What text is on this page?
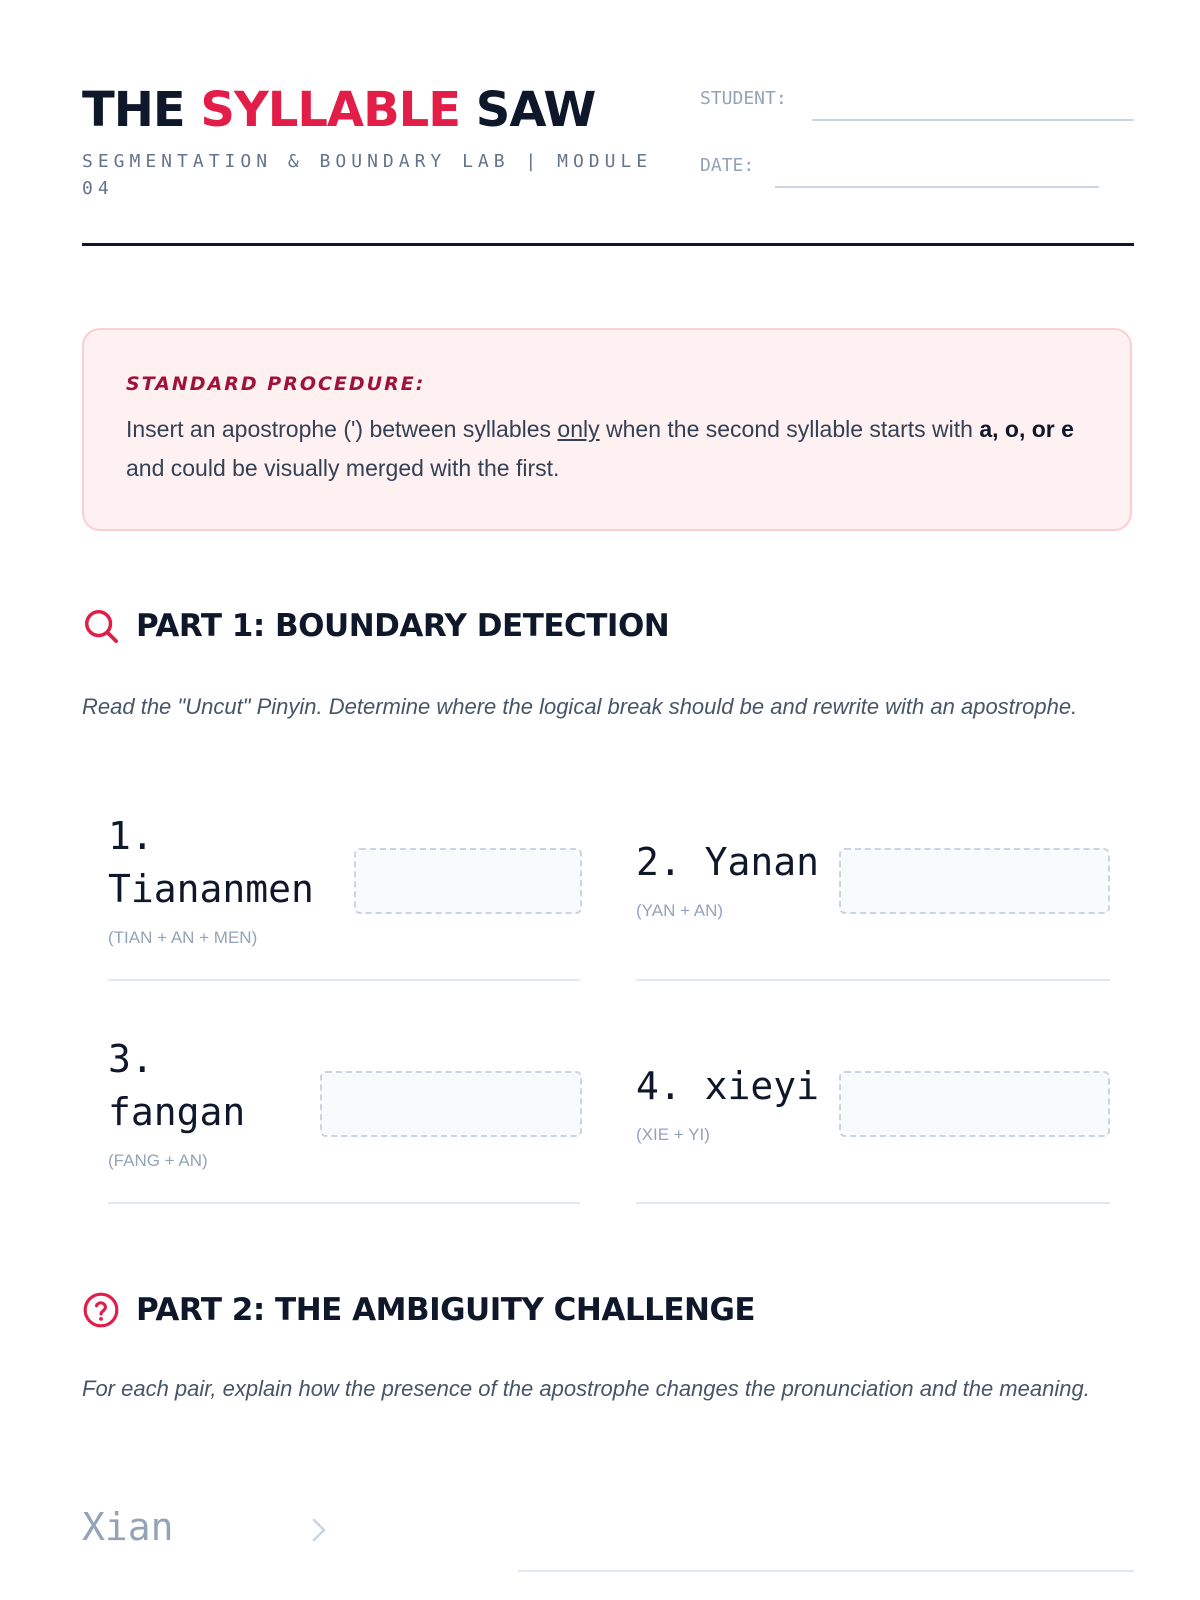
THE SYLLABLE SAW
SEGMENTATION & BOUNDARY LAB | MODULE 04
STUDENT:
DATE:
STANDARD PROCEDURE:
Insert an apostrophe (') between syllables only when the second syllable starts with a, o, or e and could be visually merged with the first.
PART 1: BOUNDARY DETECTION
Read the "Uncut" Pinyin. Determine where the logical break should be and rewrite with an apostrophe.
1. Tiananmen
(TIAN + AN + MEN)
2. Yanan
(YAN + AN)
3. fangan
(FANG + AN)
4. xieyi
(XIE + YI)
PART 2: THE AMBIGUITY CHALLENGE
For each pair, explain how the presence of the apostrophe changes the pronunciation and the meaning.
Xian
